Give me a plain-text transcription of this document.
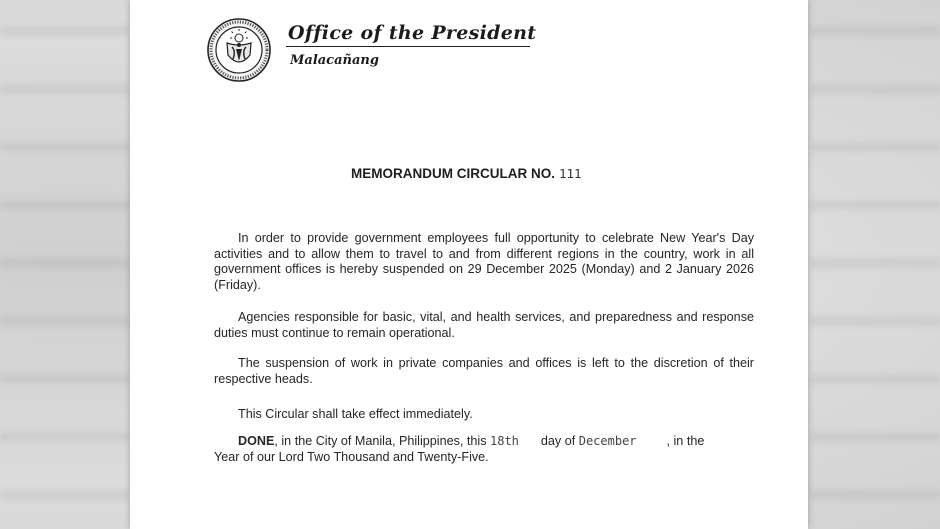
Office of the President
Malacañang
MEMORANDUM CIRCULAR NO. 111
In order to provide government employees full opportunity to celebrate New Year's Day activities and to allow them to travel to and from different regions in the country, work in all government offices is hereby suspended on 29 December 2025 (Monday) and 2 January 2026 (Friday).
Agencies responsible for basic, vital, and health services, and preparedness and response duties must continue to remain operational.
The suspension of work in private companies and offices is left to the discretion of their respective heads.
This Circular shall take effect immediately.
DONE, in the City of Manila, Philippines, this 18th day of December , in the
Year of our Lord Two Thousand and Twenty-Five.
